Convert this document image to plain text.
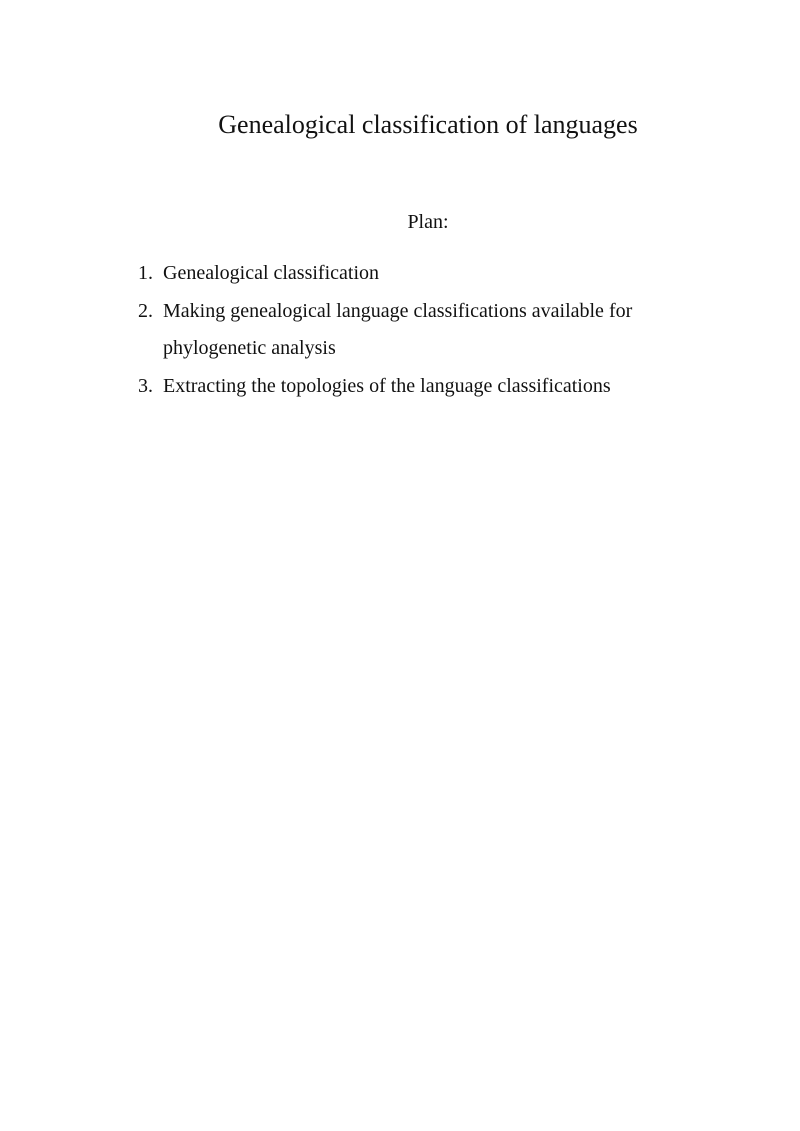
Genealogical classification of languages
Plan:
1. Genealogical classification
2. Making genealogical language classifications available for phylogenetic analysis
3. Extracting the topologies of the language classifications
